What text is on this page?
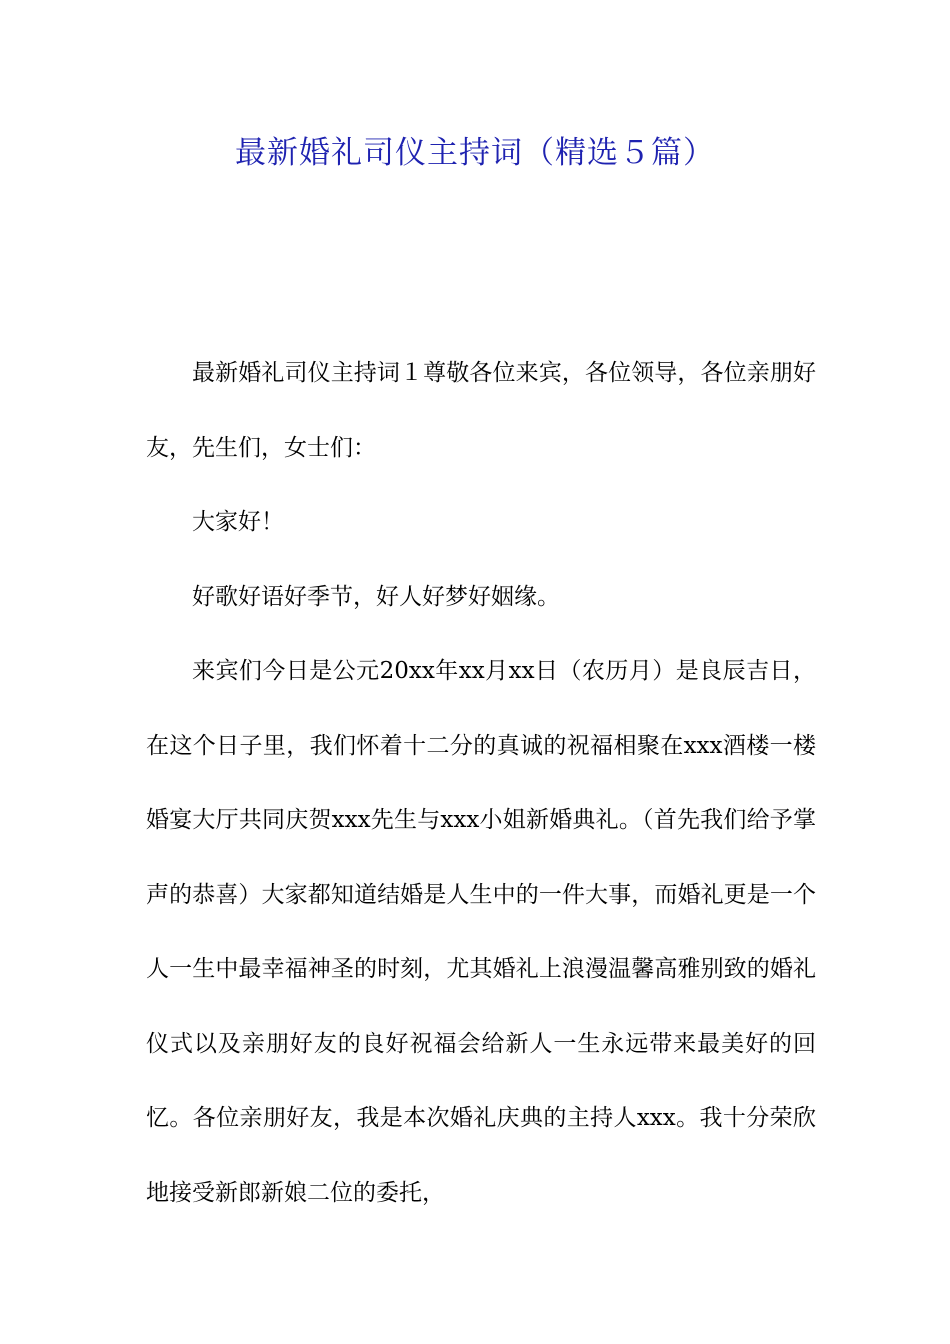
最新婚礼司仪主持词（精选５篇）

最新婚礼司仪主持词１尊敬各位来宾，各位领导，各位亲朋好友，先生们，女士们：

大家好！

好歌好语好季节，好人好梦好姻缘。

来宾们今日是公元20xx年xx月xx日（农历月）是良辰吉日，在这个日子里，我们怀着十二分的真诚的祝福相聚在xxx酒楼一楼婚宴大厅共同庆贺xxx先生与xxx小姐新婚典礼。（首先我们给予掌声的恭喜）大家都知道结婚是人生中的一件大事，而婚礼更是一个人一生中最幸福神圣的时刻，尤其婚礼上浪漫温馨高雅别致的婚礼仪式以及亲朋好友的良好祝福会给新人一生永远带来最美好的回忆。各位亲朋好友，我是本次婚礼庆典的主持人xxx。我十分荣欣地接受新郎新娘二位的委托，
